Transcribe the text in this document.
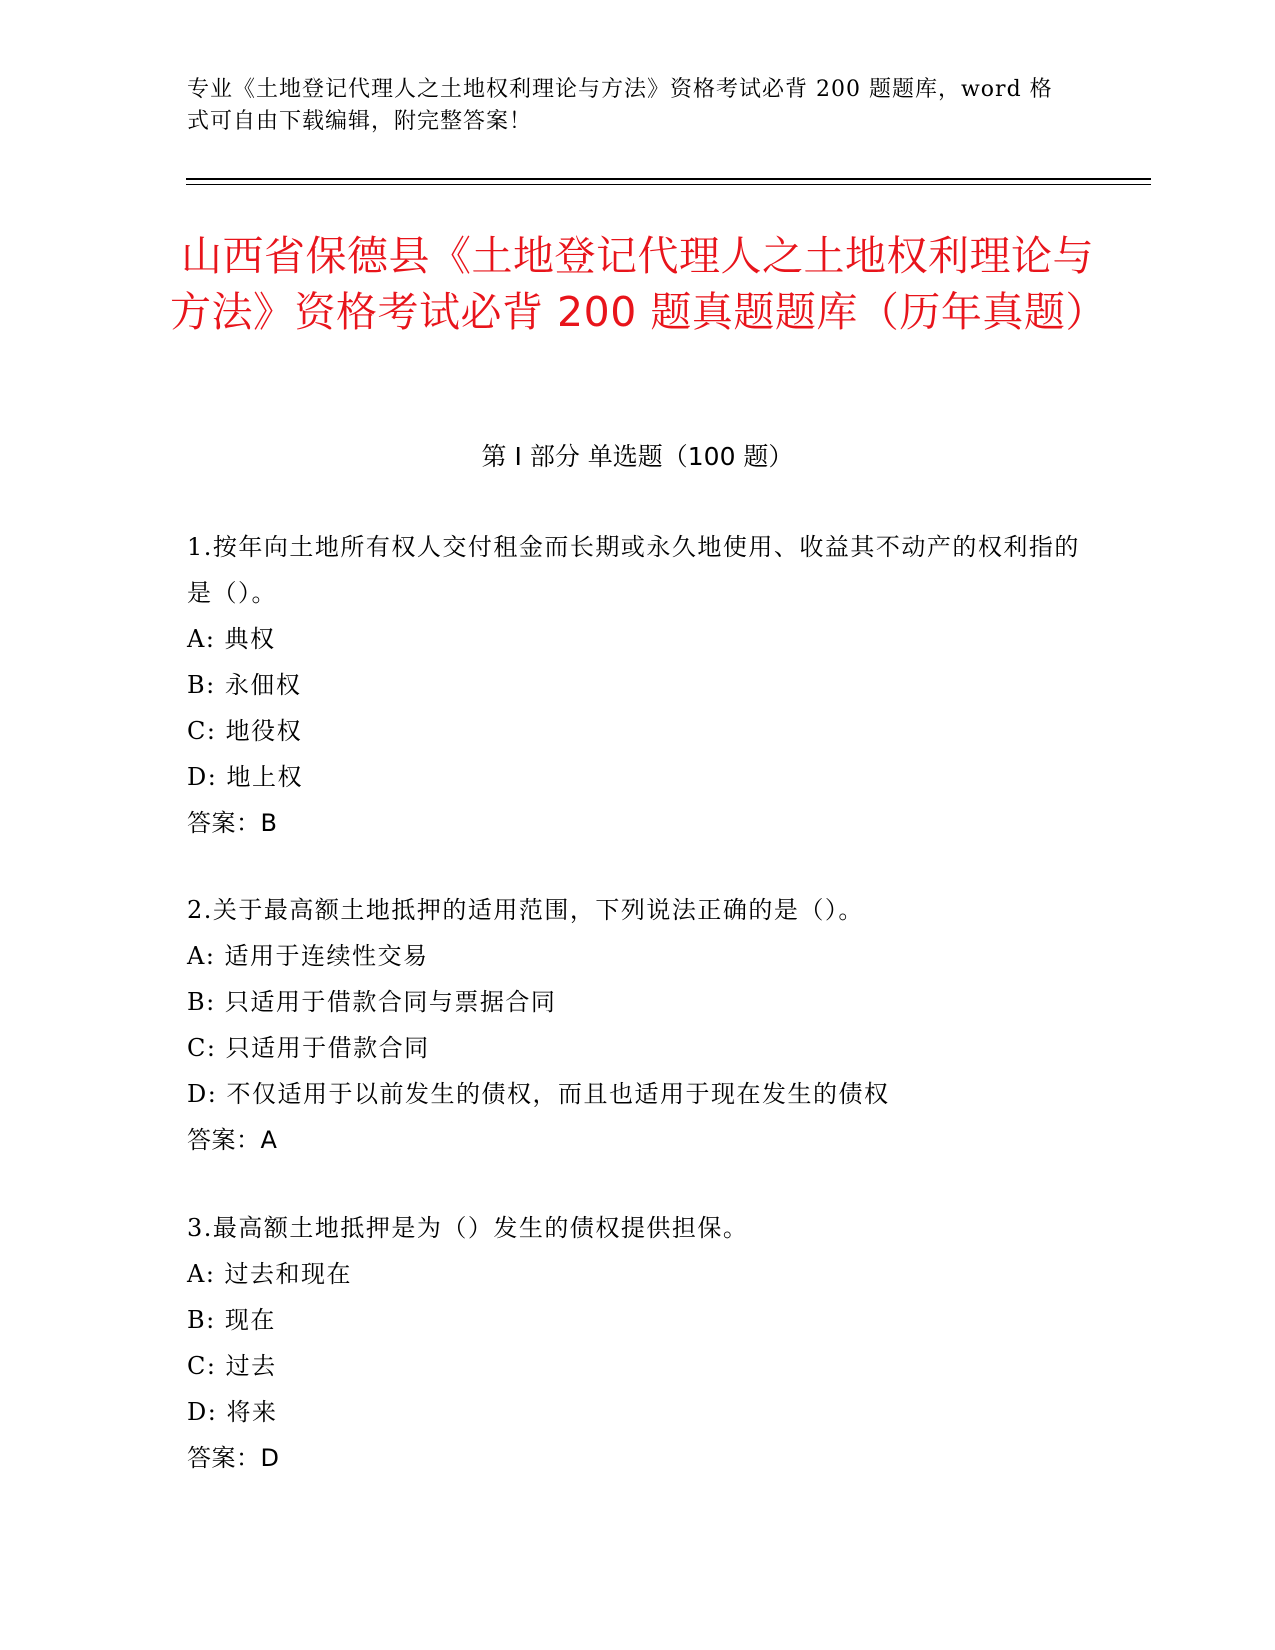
专业《土地登记代理人之土地权利理论与方法》资格考试必背 200 题题库，word 格式可自由下载编辑，附完整答案！
山西省保德县《土地登记代理人之土地权利理论与方法》资格考试必背 200 题真题题库（历年真题）
第 I 部分 单选题（100 题）
1.按年向土地所有权人交付租金而长期或永久地使用、收益其不动产的权利指的是（）。
A: 典权
B: 永佃权
C: 地役权
D: 地上权
答案：B
2.关于最高额土地抵押的适用范围，下列说法正确的是（）。
A: 适用于连续性交易
B: 只适用于借款合同与票据合同
C: 只适用于借款合同
D: 不仅适用于以前发生的债权，而且也适用于现在发生的债权
答案：A
3.最高额土地抵押是为（）发生的债权提供担保。
A: 过去和现在
B: 现在
C: 过去
D: 将来
答案：D
